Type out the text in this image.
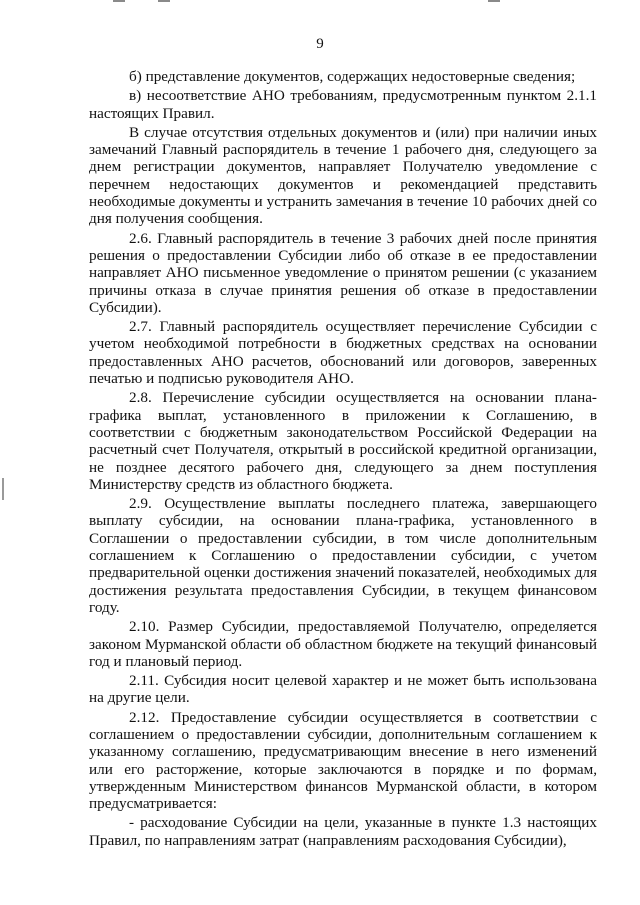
9

б) представление документов, содержащих недостоверные сведения;

в) несоответствие АНО требованиям, предусмотренным пунктом 2.1.1 настоящих Правил.

В случае отсутствия отдельных документов и (или) при наличии иных замечаний Главный распорядитель в течение 1 рабочего дня, следующего за днем регистрации документов, направляет Получателю уведомление с перечнем недостающих документов и рекомендацией представить необходимые документы и устранить замечания в течение 10 рабочих дней со дня получения сообщения.

2.6. Главный распорядитель в течение 3 рабочих дней после принятия решения о предоставлении Субсидии либо об отказе в ее предоставлении направляет АНО письменное уведомление о принятом решении (с указанием причины отказа в случае принятия решения об отказе в предоставлении Субсидии).

2.7. Главный распорядитель осуществляет перечисление Субсидии с учетом необходимой потребности в бюджетных средствах на основании предоставленных АНО расчетов, обоснований или договоров, заверенных печатью и подписью руководителя АНО.

2.8. Перечисление субсидии осуществляется на основании плана-графика выплат, установленного в приложении к Соглашению, в соответствии с бюджетным законодательством Российской Федерации на расчетный счет Получателя, открытый в российской кредитной организации, не позднее десятого рабочего дня, следующего за днем поступления Министерству средств из областного бюджета.

2.9. Осуществление выплаты последнего платежа, завершающего выплату субсидии, на основании плана-графика, установленного в Соглашении о предоставлении субсидии, в том числе дополнительным соглашением к Соглашению о предоставлении субсидии, с учетом предварительной оценки достижения значений показателей, необходимых для достижения результата предоставления Субсидии, в текущем финансовом году.

2.10. Размер Субсидии, предоставляемой Получателю, определяется законом Мурманской области об областном бюджете на текущий финансовый год и плановый период.

2.11. Субсидия носит целевой характер и не может быть использована на другие цели.

2.12. Предоставление субсидии осуществляется в соответствии с соглашением о предоставлении субсидии, дополнительным соглашением к указанному соглашению, предусматривающим внесение в него изменений или его расторжение, которые заключаются в порядке и по формам, утвержденным Министерством финансов Мурманской области, в котором предусматривается:

- расходование Субсидии на цели, указанные в пункте 1.3 настоящих Правил, по направлениям затрат (направлениям расходования Субсидии),
